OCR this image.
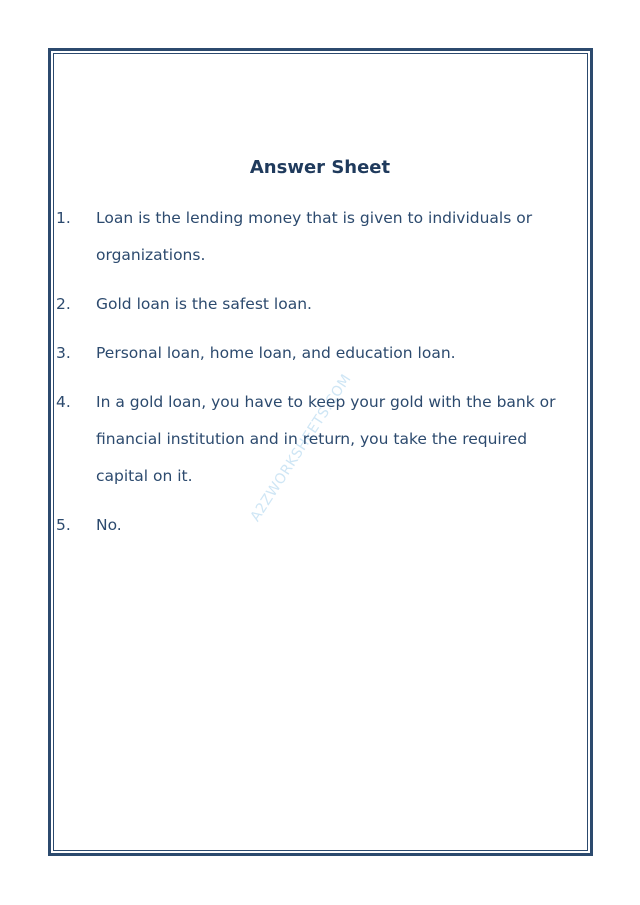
A2ZWORKSHEETS.COM
Answer Sheet
1.	Loan is the lending money that is given to individuals or organizations.
2.	Gold loan is the safest loan.
3.	Personal loan, home loan, and education loan.
4.	In a gold loan, you have to keep your gold with the bank or financial institution and in return, you take the required capital on it.
5.	No.
